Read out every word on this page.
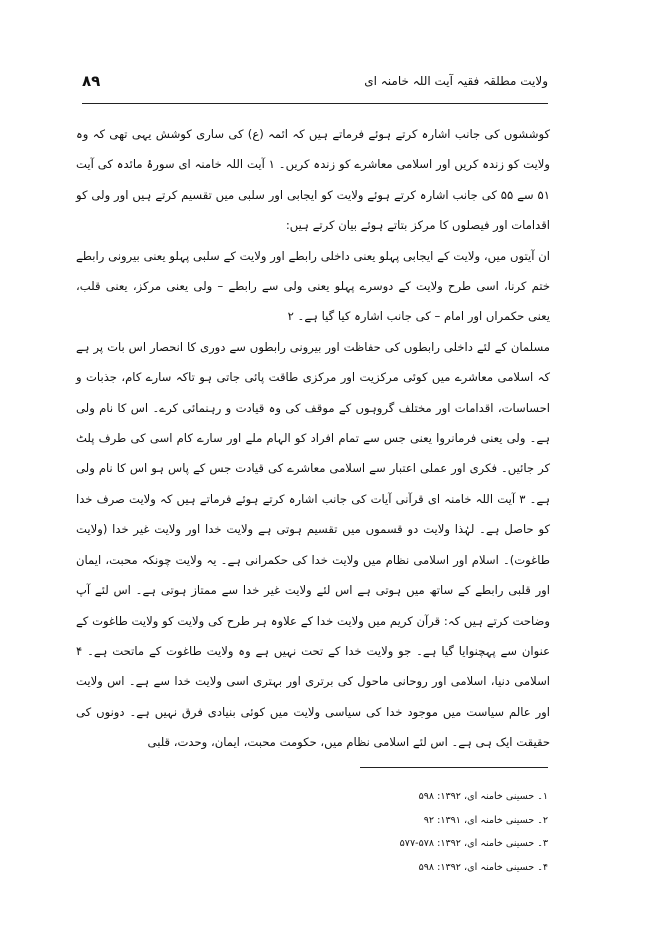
۸۹	ولایت مطلقہ فقیہ آیت اللہ خامنہ ای

کوششوں کی جانب اشارہ کرتے ہوئے فرماتے ہیں کہ ائمہ (ع) کی ساری کوشش یہی تھی کہ وہ ولایت کو زندہ کریں اور اسلامی معاشرے کو زندہ کریں۔ ۱ آیت اللہ خامنہ ای سورۂ مائدہ کی آیت ۵۱ سے ۵۵ کی جانب اشارہ کرتے ہوئے ولایت کو ایجابی اور سلبی میں تقسیم کرتے ہیں اور ولی کو اقدامات اور فیصلوں کا مرکز بتاتے ہوئے بیان کرتے ہیں:

ان آیتوں میں، ولایت کے ایجابی پہلو یعنی داخلی رابطے اور ولایت کے سلبی پہلو یعنی بیرونی رابطے ختم کرنا، اسی طرح ولایت کے دوسرے پہلو یعنی ولی سے رابطے – ولی یعنی مرکز، یعنی قلب، یعنی حکمراں اور امام – کی جانب اشارہ کیا گیا ہے۔ ۲

مسلمان کے لئے داخلی رابطوں کی حفاظت اور بیرونی رابطوں سے دوری کا انحصار اس بات پر ہے کہ اسلامی معاشرے میں کوئی مرکزیت اور مرکزی طاقت پائی جاتی ہو تاکہ سارے کام، جذبات و احساسات، اقدامات اور مختلف گروہوں کے موقف کی وہ قیادت و رہنمائی کرے۔ اس کا نام ولی ہے۔ ولی یعنی فرمانروا یعنی جس سے تمام افراد کو الہام ملے اور سارے کام اسی کی طرف پلٹ کر جائیں۔ فکری اور عملی اعتبار سے اسلامی معاشرے کی قیادت جس کے پاس ہو اس کا نام ولی ہے۔ ۳ آیت اللہ خامنہ ای قرآنی آیات کی جانب اشارہ کرتے ہوئے فرماتے ہیں کہ ولایت صرف خدا کو حاصل ہے۔ لہٰذا ولایت دو قسموں میں تقسیم ہوتی ہے ولایت خدا اور ولایت غیر خدا (ولایت طاغوت)۔ اسلام اور اسلامی نظام میں ولایت خدا کی حکمرانی ہے۔ یہ ولایت چونکہ محبت، ایمان اور قلبی رابطے کے ساتھ میں ہوتی ہے اس لئے ولایت غیر خدا سے ممتاز ہوتی ہے۔ اس لئے آپ وضاحت کرتے ہیں کہ: قرآن کریم میں ولایت خدا کے علاوہ ہر طرح کی ولایت کو ولایت طاغوت کے عنوان سے پہچنوایا گیا ہے۔ جو ولایت خدا کے تحت نہیں ہے وہ ولایت طاغوت کے ماتحت ہے۔ ۴ اسلامی دنیا، اسلامی اور روحانی ماحول کی برتری اور بہتری اسی ولایت خدا سے ہے۔ اس ولایت اور عالم سیاست میں موجود خدا کی سیاسی ولایت میں کوئی بنیادی فرق نہیں ہے۔ دونوں کی حقیقت ایک ہی ہے۔ اس لئے اسلامی نظام میں، حکومت محبت، ایمان، وحدت، قلبی

۱۔ حسینی خامنہ ای، ۱۳۹۲: ۵۹۸
۲۔ حسینی خامنہ ای، ۱۳۹۱: ۹۲
۳۔ حسینی خامنہ ای، ۱۳۹۲: ۵۷۸-۵۷۷
۴۔ حسینی خامنہ ای، ۱۳۹۲: ۵۹۸
